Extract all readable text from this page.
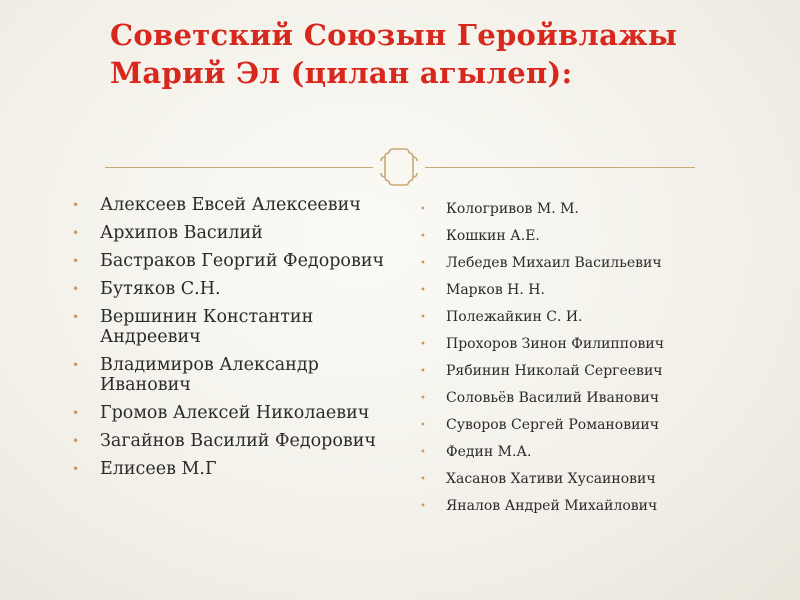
Советский Союзын Геройвлажы
Марий Эл (цилан агылеп):
• Алексеев Евсей Алексеевич
• Архипов Василий
• Бастраков Георгий Федорович
• Бутяков С.Н.
• Вершинин Константин Андреевич
• Владимиров Александр Иванович
• Громов Алексей Николаевич
• Загайнов Василий Федорович
• Елисеев М.Г
• Кологривов М. М.
• Кошкин А.Е.
• Лебедев Михаил Васильевич
• Марков Н. Н.
• Полежайкин С. И.
• Прохоров Зинон Филиппович
• Рябинин Николай Сергеевич
• Соловьёв Василий Иванович
• Суворов Сергей Романовиич
• Федин М.А.
• Хасанов Хативи Хусаинович
• Яналов Андрей Михайлович
